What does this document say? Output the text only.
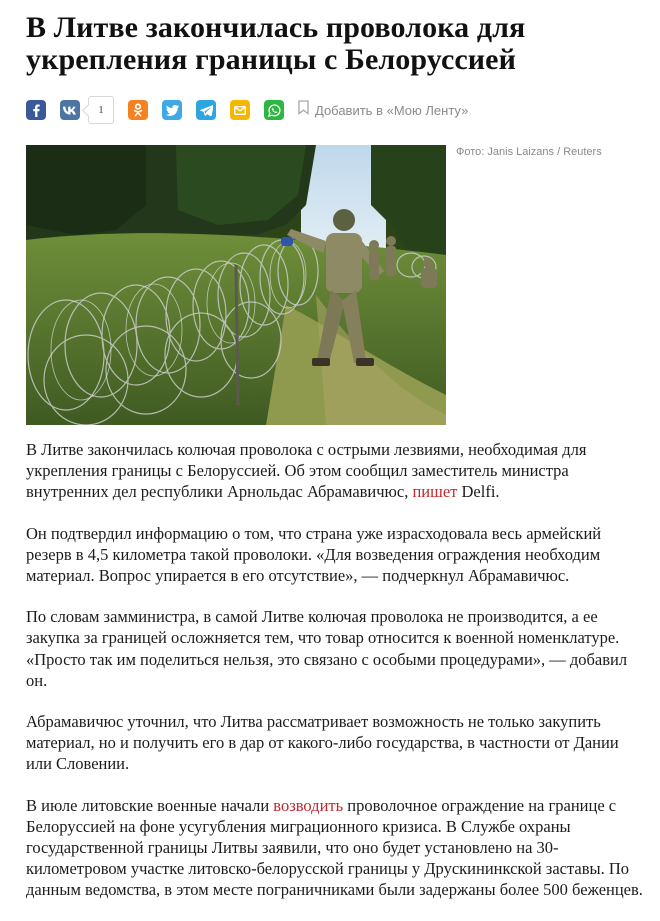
В Литве закончилась проволока для укрепления границы с Белоруссией
1	Добавить в «Мою Ленту»
Фото: Janis Laizans / Reuters

В Литве закончилась колючая проволока с острыми лезвиями, необходимая для укрепления границы с Белоруссией. Об этом сообщил заместитель министра внутренних дел республики Арнольдас Абрамавичюс, пишет Delfi.

Он подтвердил информацию о том, что страна уже израсходовала весь армейский резерв в 4,5 километра такой проволоки. «Для возведения ограждения необходим материал. Вопрос упирается в его отсутствие», — подчеркнул Абрамавичюс.

По словам замминистра, в самой Литве колючая проволока не производится, а ее закупка за границей осложняется тем, что товар относится к военной номенклатуре. «Просто так им поделиться нельзя, это связано с особыми процедурами», — добавил он.

Абрамавичюс уточнил, что Литва рассматривает возможность не только закупить материал, но и получить его в дар от какого-либо государства, в частности от Дании или Словении.

В июле литовские военные начали возводить проволочное ограждение на границе с Белоруссией на фоне усугубления миграционного кризиса. В Службе охраны государственной границы Литвы заявили, что оно будет установлено на 30-километровом участке литовско-белорусской границы у Друскининкской заставы. По данным ведомства, в этом месте пограничниками были задержаны более 500 беженцев.
